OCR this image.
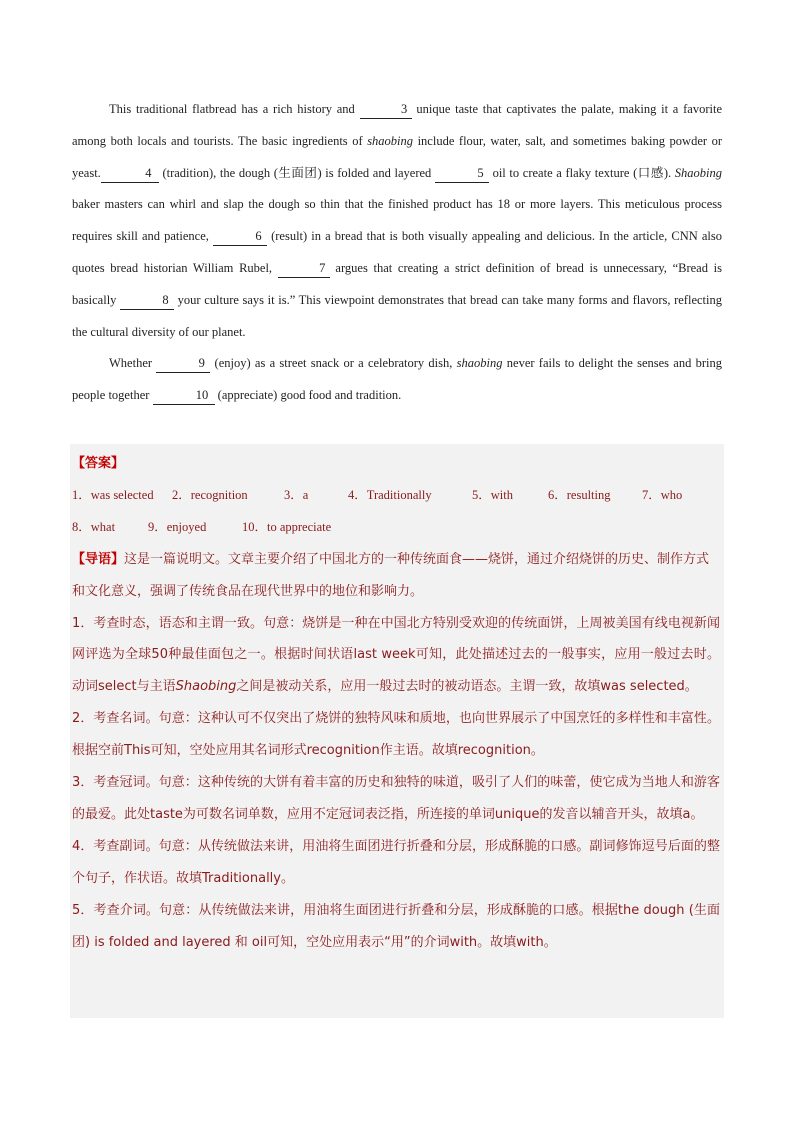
This traditional flatbread has a rich history and	3 unique taste that captivates the palate, making it a favorite among both locals and tourists. The basic ingredients of shaobing include flour, water, salt, and sometimes baking powder or yeast.	4 (tradition), the dough (生面团) is folded and layered	5 oil to create a flaky texture (口感). Shaobing baker masters can whirl and slap the dough so thin that the finished product has 18 or more layers. This meticulous process requires skill and patience,	6 (result) in a bread that is both visually appealing and delicious. In the article, CNN also quotes bread historian William Rubel,	7 argues that creating a strict definition of bread is unnecessary, “Bread is basically	8 your culture says it is.” This viewpoint demonstrates that bread can take many forms and flavors, reflecting the cultural diversity of our planet.

Whether	9 (enjoy) as a street snack or a celebratory dish, shaobing never fails to delight the senses and bring people together	10 (appreciate) good food and tradition.

【答案】
1．was selected 2．recognition	3．a	4．Traditionally	5．with	6．resulting	7．who
8．what	9．enjoyed	10．to appreciate
【导语】这是一篇说明文。文章主要介绍了中国北方的一种传统面食——烧饼，通过介绍烧饼的历史、制作方式和文化意义，强调了传统食品在现代世界中的地位和影响力。
1．考查时态，语态和主谓一致。句意：烧饼是一种在中国北方特别受欢迎的传统面饼，上周被美国有线电视新闻网评选为全球50种最佳面包之一。根据时间状语last week可知，此处描述过去的一般事实，应用一般过去时。动词select与主语Shaobing之间是被动关系，应用一般过去时的被动语态。主谓一致，故填was selected。
2．考查名词。句意：这种认可不仅突出了烧饼的独特风味和质地，也向世界展示了中国烹饪的多样性和丰富性。根据空前This可知，空处应用其名词形式recognition作主语。故填recognition。
3．考查冠词。句意：这种传统的大饼有着丰富的历史和独特的味道，吸引了人们的味蕾，使它成为当地人和游客的最爱。此处taste为可数名词单数，应用不定冠词表泛指，所连接的单词unique的发音以辅音开头，故填a。
4．考查副词。句意：从传统做法来讲，用油将生面团进行折叠和分层，形成酥脆的口感。副词修饰逗号后面的整个句子，作状语。故填Traditionally。
5．考查介词。句意：从传统做法来讲，用油将生面团进行折叠和分层，形成酥脆的口感。根据the dough (生面团) is folded and layered 和 oil可知，空处应用表示“用”的介词with。故填with。
